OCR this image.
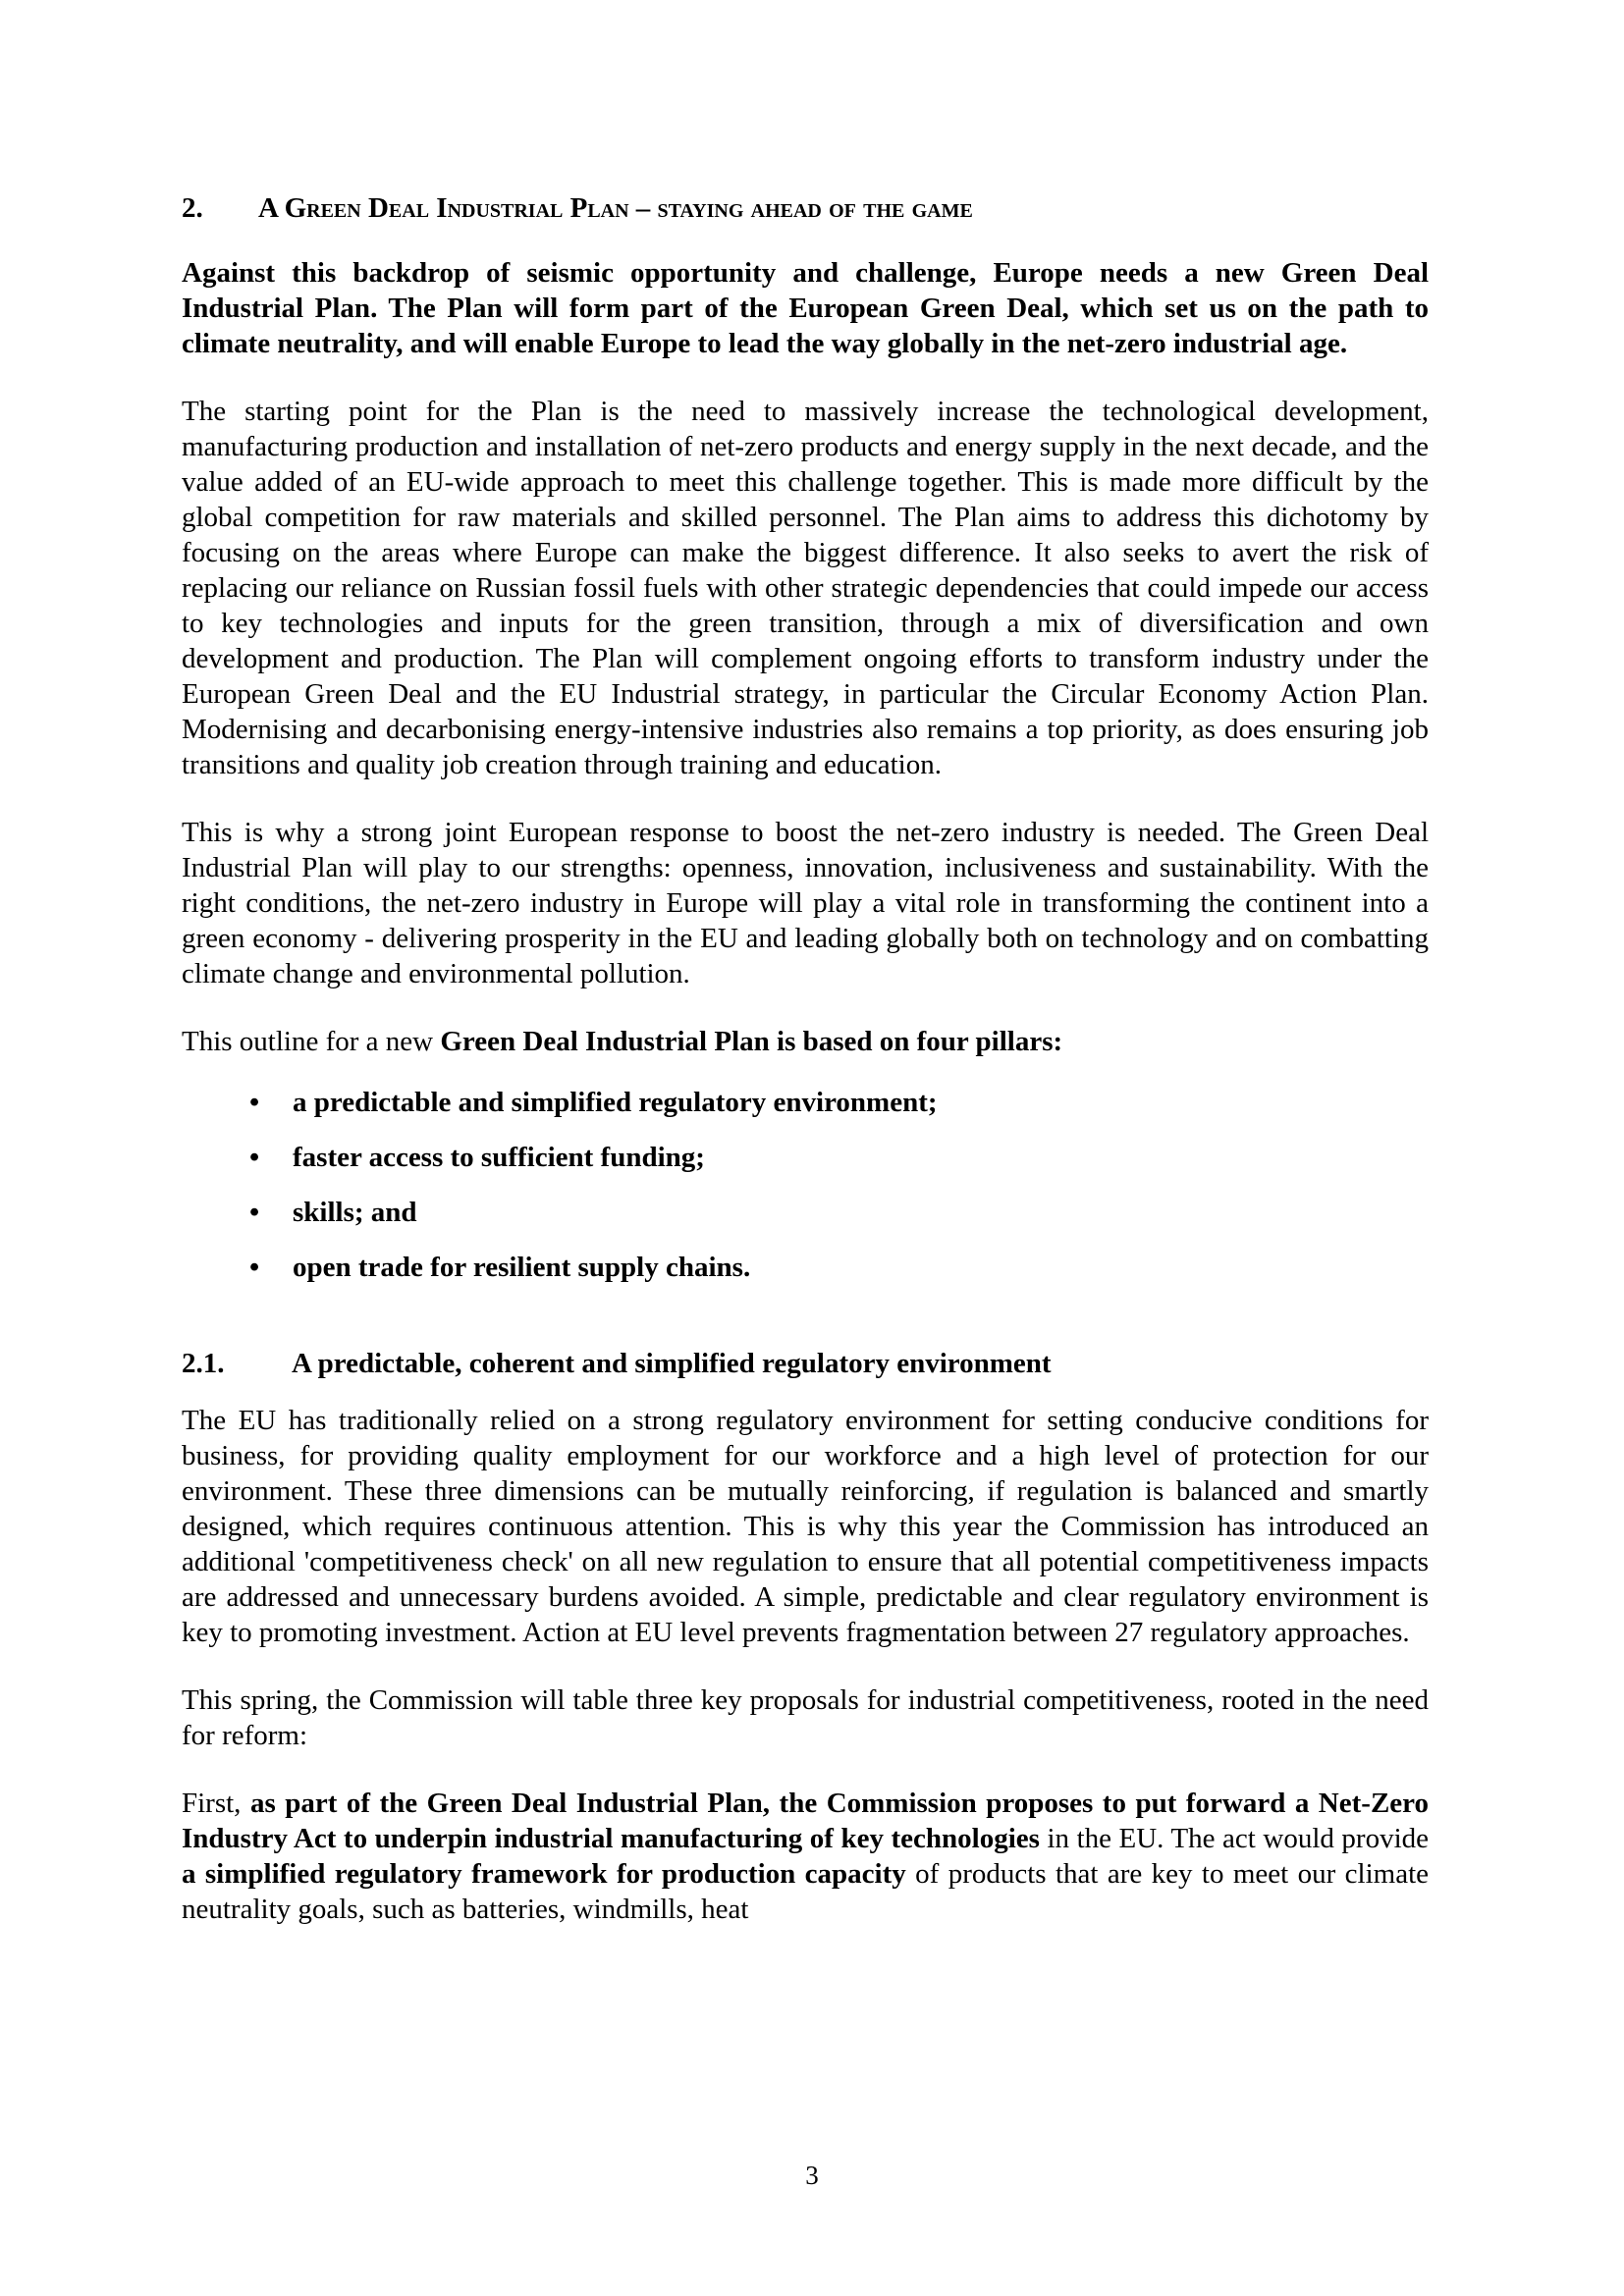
2.	A Green Deal Industrial Plan – staying ahead of the game

Against this backdrop of seismic opportunity and challenge, Europe needs a new Green Deal Industrial Plan. The Plan will form part of the European Green Deal, which set us on the path to climate neutrality, and will enable Europe to lead the way globally in the net-zero industrial age.

The starting point for the Plan is the need to massively increase the technological development, manufacturing production and installation of net-zero products and energy supply in the next decade, and the value added of an EU-wide approach to meet this challenge together. This is made more difficult by the global competition for raw materials and skilled personnel. The Plan aims to address this dichotomy by focusing on the areas where Europe can make the biggest difference. It also seeks to avert the risk of replacing our reliance on Russian fossil fuels with other strategic dependencies that could impede our access to key technologies and inputs for the green transition, through a mix of diversification and own development and production. The Plan will complement ongoing efforts to transform industry under the European Green Deal and the EU Industrial strategy, in particular the Circular Economy Action Plan. Modernising and decarbonising energy-intensive industries also remains a top priority, as does ensuring job transitions and quality job creation through training and education.

This is why a strong joint European response to boost the net-zero industry is needed. The Green Deal Industrial Plan will play to our strengths: openness, innovation, inclusiveness and sustainability. With the right conditions, the net-zero industry in Europe will play a vital role in transforming the continent into a green economy - delivering prosperity in the EU and leading globally both on technology and on combatting climate change and environmental pollution.

This outline for a new Green Deal Industrial Plan is based on four pillars:

• a predictable and simplified regulatory environment;
• faster access to sufficient funding;
• skills; and
• open trade for resilient supply chains.
2.1.	A predictable, coherent and simplified regulatory environment

The EU has traditionally relied on a strong regulatory environment for setting conducive conditions for business, for providing quality employment for our workforce and a high level of protection for our environment. These three dimensions can be mutually reinforcing, if regulation is balanced and smartly designed, which requires continuous attention. This is why this year the Commission has introduced an additional 'competitiveness check' on all new regulation to ensure that all potential competitiveness impacts are addressed and unnecessary burdens avoided. A simple, predictable and clear regulatory environment is key to promoting investment. Action at EU level prevents fragmentation between 27 regulatory approaches.

This spring, the Commission will table three key proposals for industrial competitiveness, rooted in the need for reform:

First, as part of the Green Deal Industrial Plan, the Commission proposes to put forward a Net-Zero Industry Act to underpin industrial manufacturing of key technologies in the EU. The act would provide a simplified regulatory framework for production capacity of products that are key to meet our climate neutrality goals, such as batteries, windmills, heat

3
